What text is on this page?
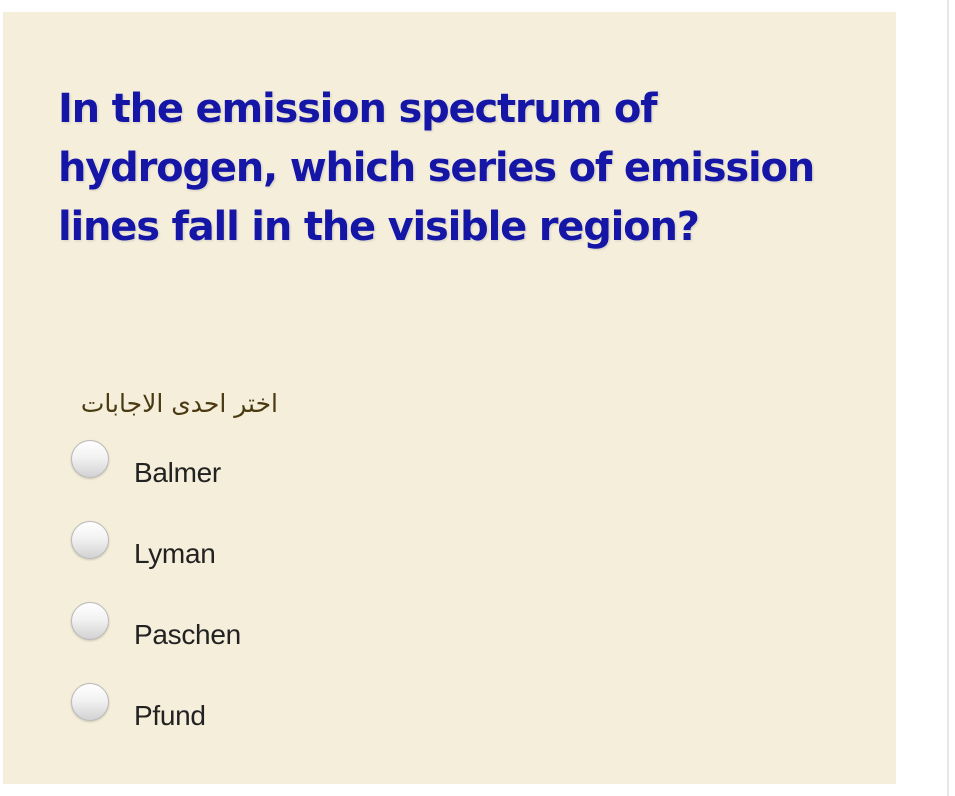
In the emission spectrum of hydrogen, which series of emission lines fall in the visible region?
اختر احدى الاجابات
Balmer
Lyman
Paschen
Pfund
